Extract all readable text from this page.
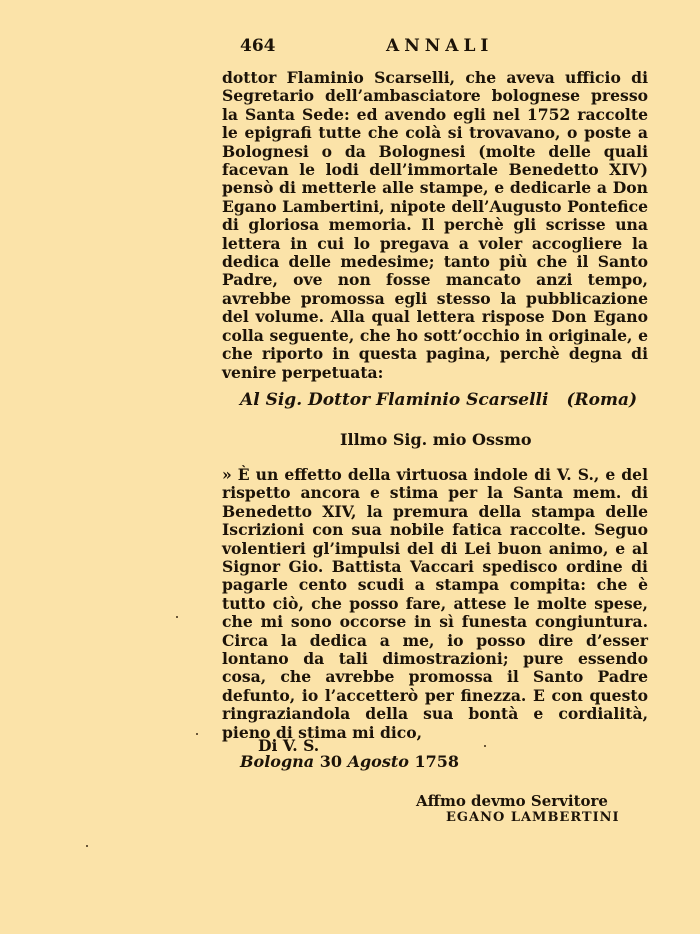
464	ANNALI

dottor Flaminio Scarselli, che aveva ufficio di Segretario dell’ambasciatore bolognese presso la Santa Sede: ed avendo egli nel 1752 raccolte le epigrafi tutte che colà si trovavano, o poste a Bolognesi o da Bolognesi (molte delle quali facevan le lodi dell’immortale Benedetto XIV) pensò di metterle alle stampe, e dedicarle a Don Egano Lambertini, nipote dell’Augusto Pontefice di gloriosa memoria. Il perchè gli scrisse una lettera in cui lo pregava a voler accogliere la dedica delle medesime; tanto più che il Santo Padre, ove non fosse mancato anzi tempo, avrebbe promossa egli stesso la pubblicazione del volume. Alla qual lettera rispose Don Egano colla seguente, che ho sott’occhio in originale, e che riporto in questa pagina, perchè degna di venire perpetuata:

Al Sig. Dottor Flaminio Scarselli (Roma)
Illmo Sig. mio Ossmo

» È un effetto della virtuosa indole di V. S., e del rispetto ancora e stima per la Santa mem. di Benedetto XIV, la premura della stampa delle Iscrizioni con sua nobile fatica raccolte. Seguo volentieri gl’impulsi del di Lei buon animo, e al Signor Gio. Battista Vaccari spedisco ordine di pagarle cento scudi a stampa compita: che è tutto ciò, che posso fare, attese le molte spese, che mi sono occorse in sì funesta congiuntura. Circa la dedica a me, io posso dire d’esser lontano da tali dimostrazioni; pure essendo cosa, che avrebbe promossa il Santo Padre defunto, io l’accetterò per finezza. E con questo ringraziandola della sua bontà e cordialità, pieno di stima mi dico,

Di V. S.
Bologna 30 Agosto 1758
Affmo devmo Servitore
EGANO LAMBERTINI
